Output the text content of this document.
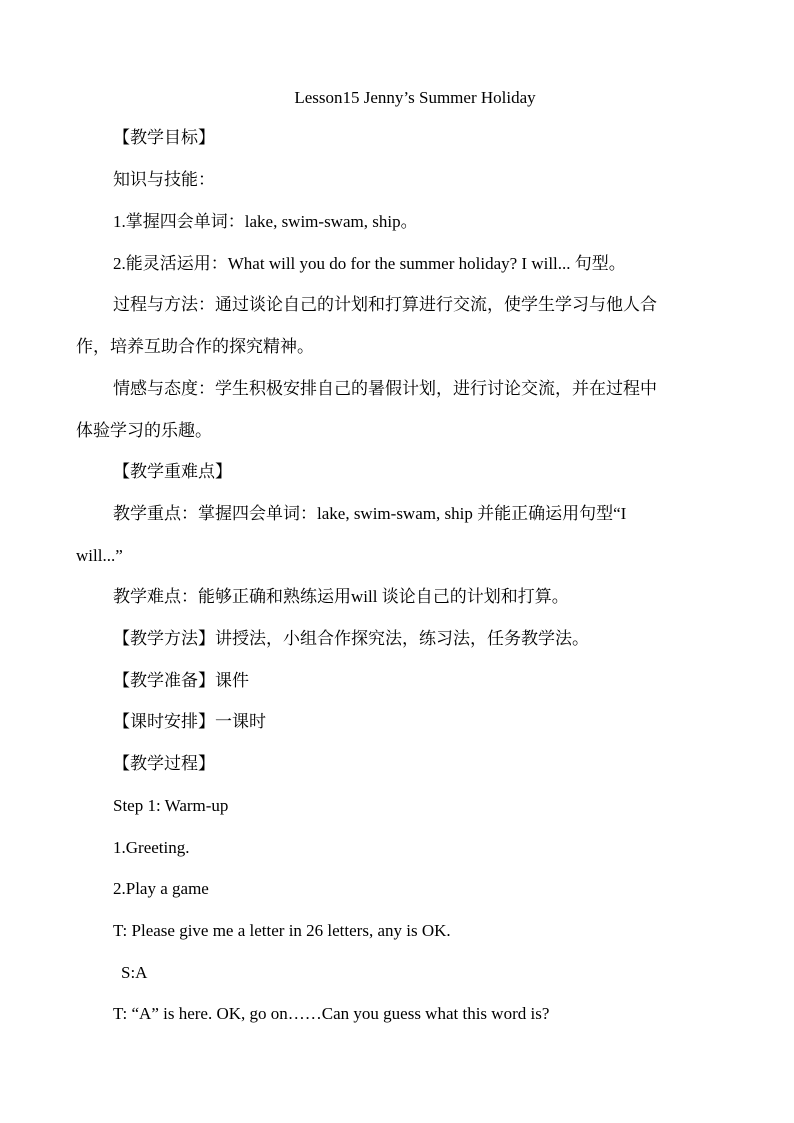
Lesson15 Jenny’s Summer Holiday
【教学目标】
知识与技能：
1.掌握四会单词：lake, swim-swam, ship。
2.能灵活运用：What will you do for the summer holiday? I will... 句型。
过程与方法：通过谈论自己的计划和打算进行交流，使学生学习与他人合
作，培养互助合作的探究精神。
情感与态度：学生积极安排自己的暑假计划，进行讨论交流，并在过程中
体验学习的乐趣。
【教学重难点】
教学重点：掌握四会单词：lake, swim-swam, ship 并能正确运用句型“I
will...”
教学难点：能够正确和熟练运用will 谈论自己的计划和打算。
【教学方法】讲授法，小组合作探究法，练习法，任务教学法。
【教学准备】课件
【课时安排】一课时
【教学过程】
Step 1: Warm-up
1.Greeting.
2.Play a game
T: Please give me a letter in 26 letters, any is OK.
S:A
T: “A” is here. OK, go on……Can you guess what this word is?
